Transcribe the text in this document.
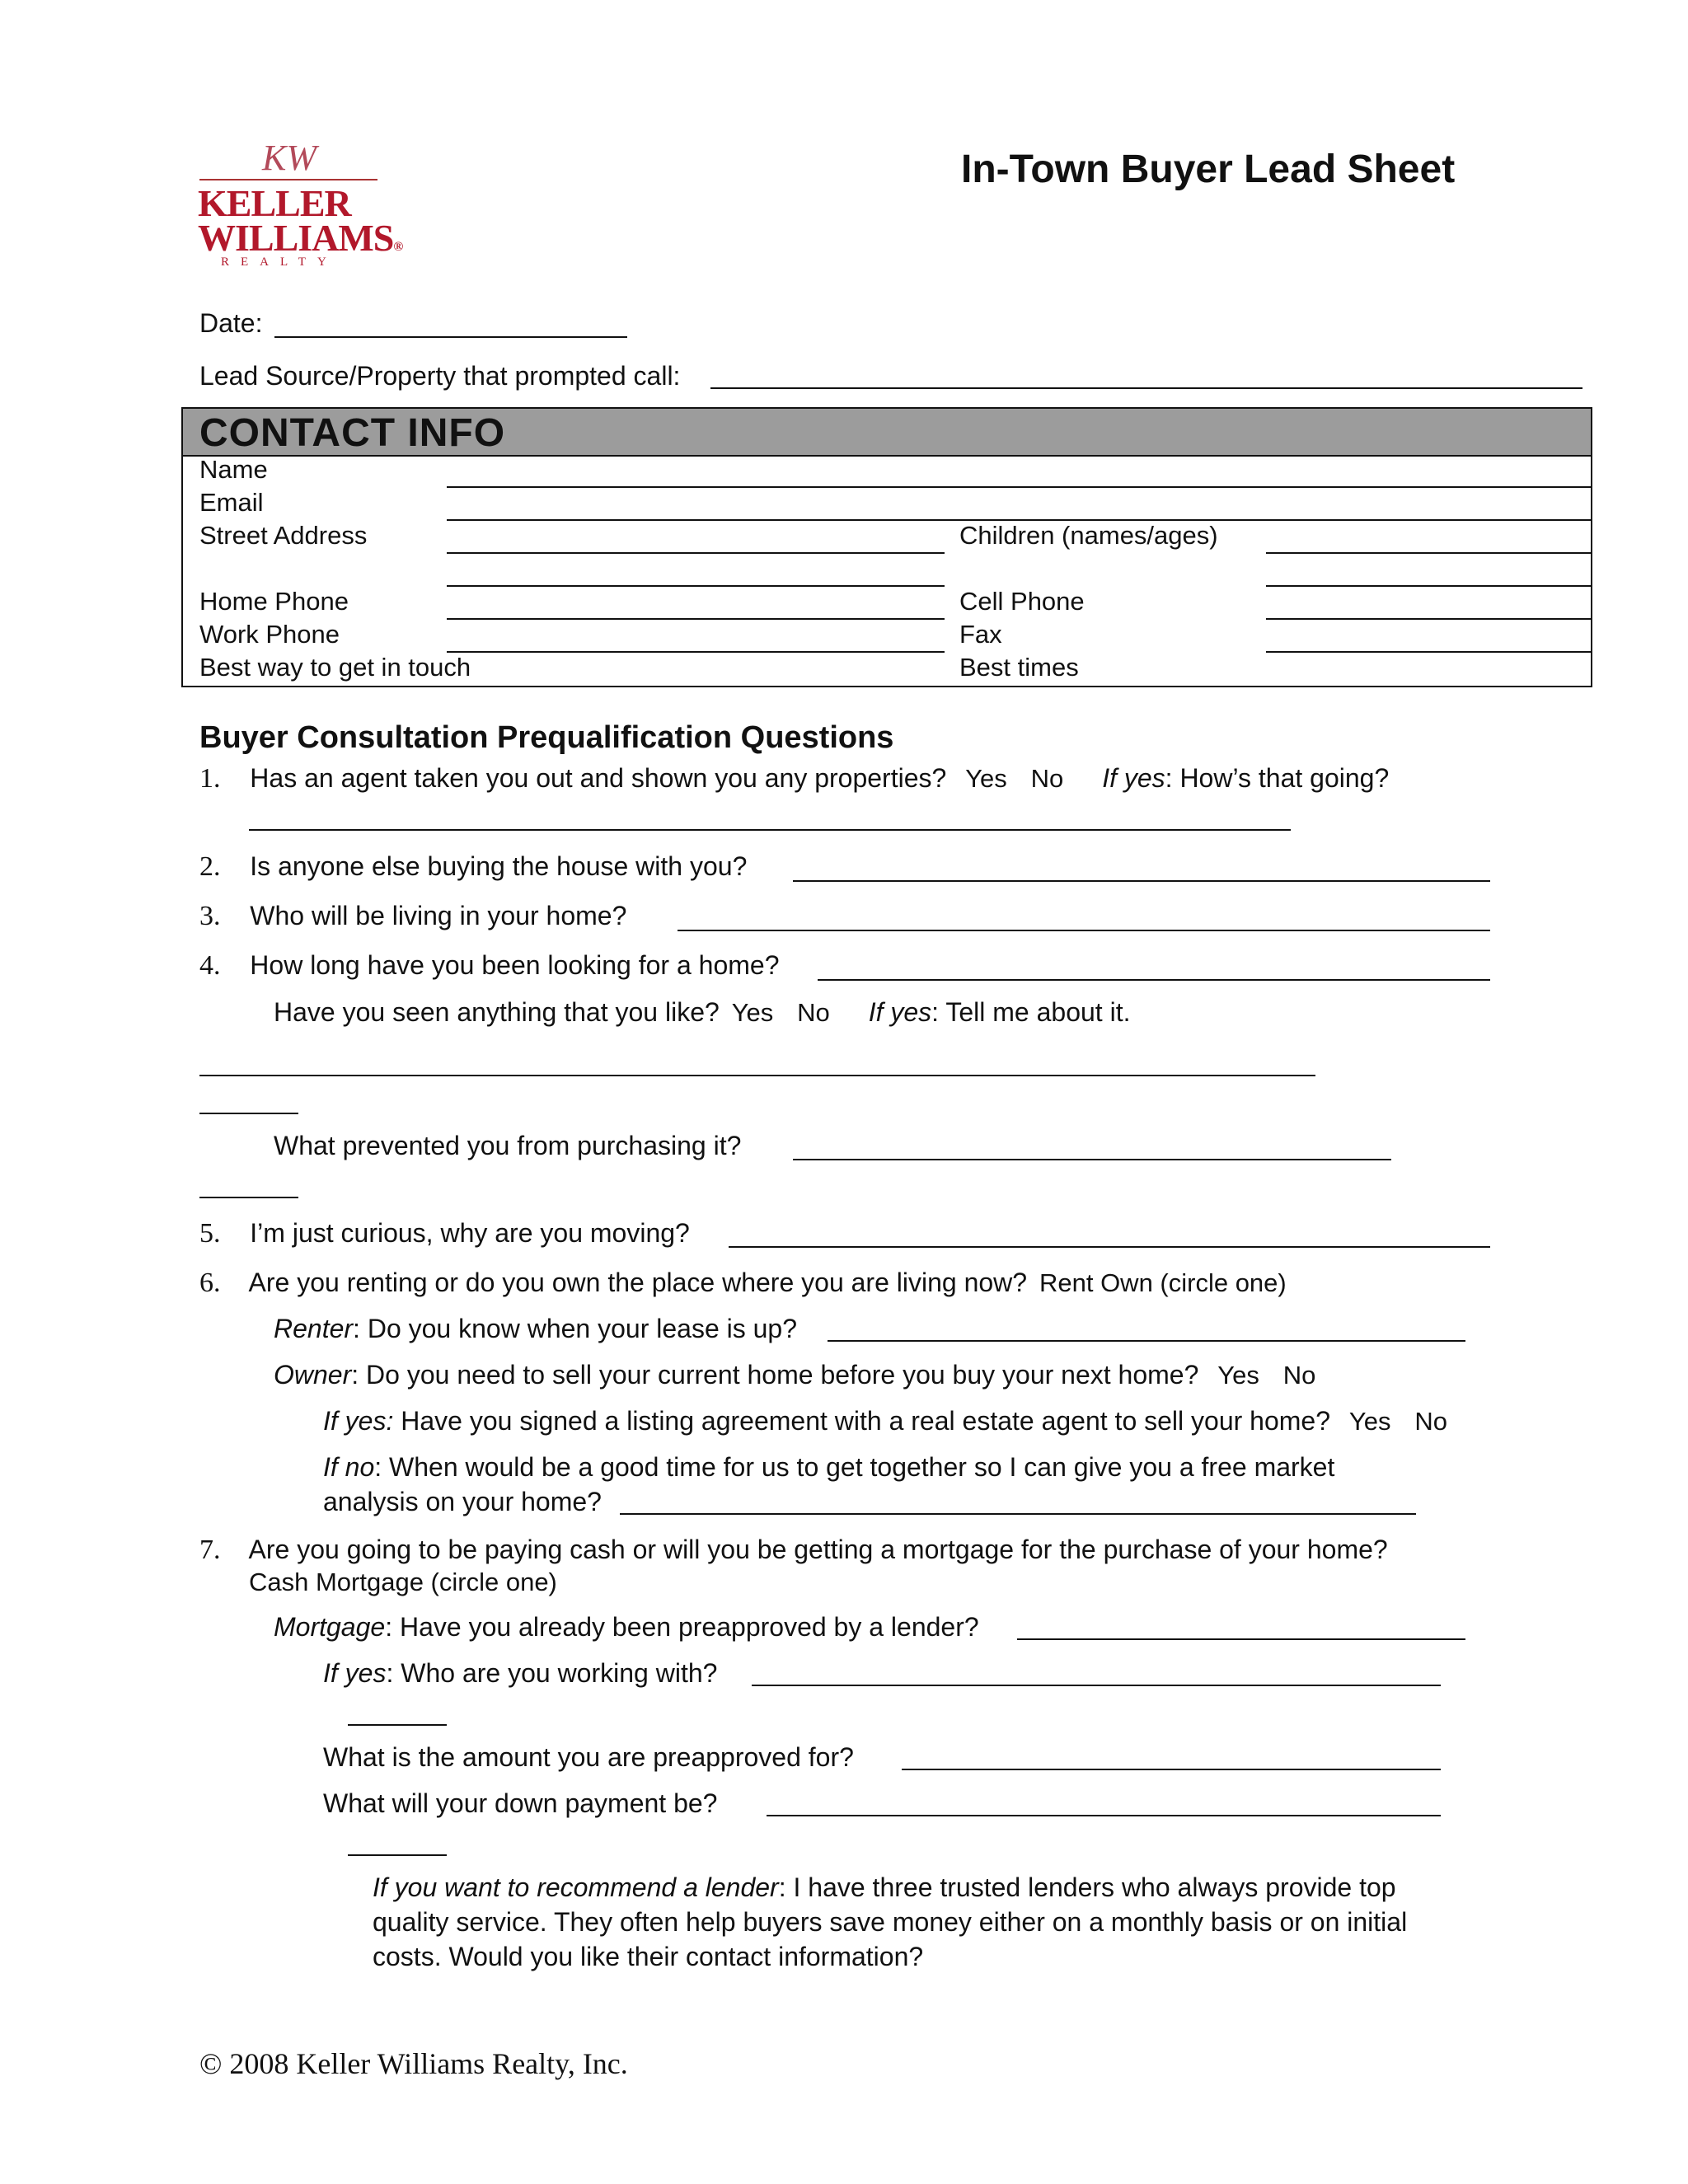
KW
KELLER
WILLIAMS®
REALTY
In-Town Buyer Lead Sheet
Date:
Lead Source/Property that prompted call:
CONTACT INFO
Name
Email
Street Address	Children (names/ages)
Home Phone	Cell Phone
Work Phone	Fax
Best way to get in touch	Best times
Buyer Consultation Prequalification Questions
1. Has an agent taken you out and shown you any properties? Yes No If yes: How’s that going?
2. Is anyone else buying the house with you?
3. Who will be living in your home?
4. How long have you been looking for a home?
Have you seen anything that you like? Yes No If yes: Tell me about it.
What prevented you from purchasing it?
5. I’m just curious, why are you moving?
6. Are you renting or do you own the place where you are living now? Rent Own (circle one)
Renter: Do you know when your lease is up?
Owner: Do you need to sell your current home before you buy your next home? Yes No
If yes: Have you signed a listing agreement with a real estate agent to sell your home? Yes No
If no: When would be a good time for us to get together so I can give you a free market
analysis on your home?
7. Are you going to be paying cash or will you be getting a mortgage for the purchase of your home?
Cash Mortgage (circle one)
Mortgage: Have you already been preapproved by a lender?
If yes: Who are you working with?
What is the amount you are preapproved for?
What will your down payment be?
If you want to recommend a lender: I have three trusted lenders who always provide top
quality service. They often help buyers save money either on a monthly basis or on initial
costs. Would you like their contact information?
© 2008 Keller Williams Realty, Inc.
